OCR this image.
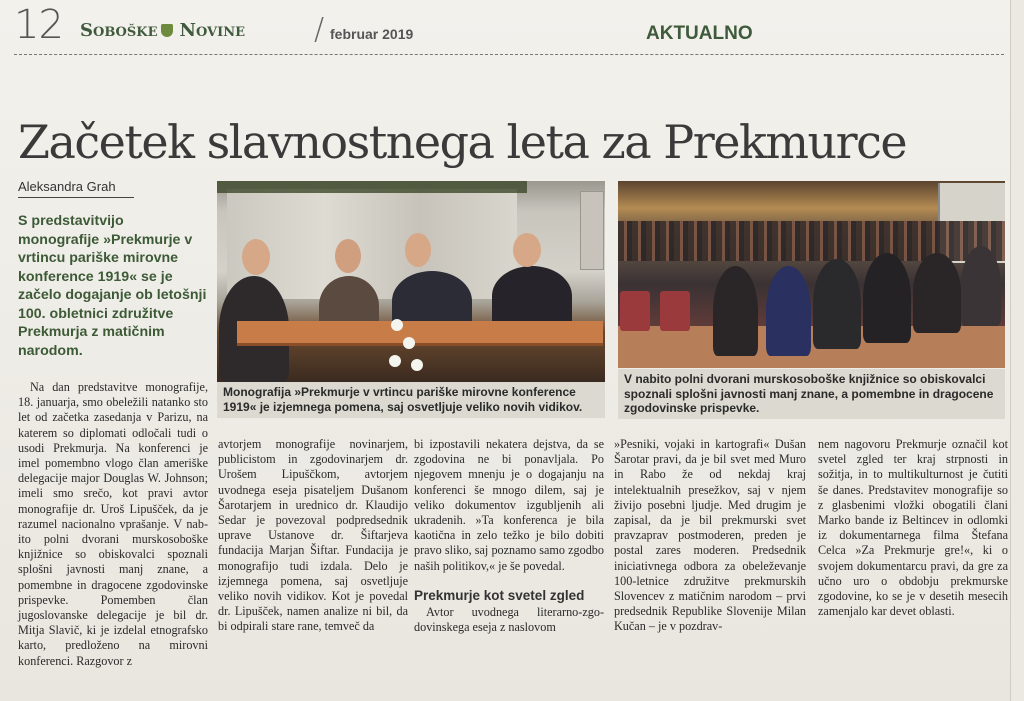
12 Soboške Novine / februar 2019	AKTUALNO
Začetek slavnostnega leta za Prekmurce
Aleksandra Grah
S predstavitvijo monografije »Prekmurje v vrtincu pariške mirovne konference 1919« se je začelo dogajanje ob letošnji 100. obletnici združitve Prekmurja z matičnim narodom.

Na dan predstavitve monografije, 18. januarja, smo obeležili natanko sto let od začetka zasedanja v Parizu, na katerem so diplomati odločali tudi o usodi Prekmurja. Na konferenci je imel pomembno vlogo član ameriške delegacije major Douglas W. Johnson; imeli smo srečo, kot pravi avtor monografije dr. Uroš Lipušček, da je razumel nacionalno vprašanje. V nabito polni dvorani murskosoboške knjižnice so obiskovalci spoznali splošni javnosti manj znane, a pomembne in dragocene zgodovinske prispevke. Pomemben član jugoslovanske delegacije je bil dr. Mitja Slavič, ki je izdelal etnografsko karto, predloženo na mirovni konferenci. Razgovor z

Monografija »Prekmurje v vrtincu pariške mirovne konference 1919« je izjemnega pomena, saj osvetljuje veliko novih vidikov.
V nabito polni dvorani murskosoboške knjižnice so obiskovalci spoznali splošni javnosti manj znane, a pomembne in dragocene zgodovinske prispevke.

avtorjem monografije novinarjem, publicistom in zgodovinarjem dr. Urošem Lipuščkom, avtorjem uvodnega eseja pisateljem Dušanom Šarotarjem in urednico dr. Klaudijo Sedar je povezoval podpredsednik uprave Ustanove dr. Šiftarjeva fundacija Marjan Šiftar. Fundacija je monografijo tudi izdala. Delo je izjemnega pomena, saj osvetljuje veliko novih vidikov. Kot je povedal dr. Lipušček, namen analize ni bil, da bi odpirali stare rane, temveč da

bi izpostavili nekatera dejstva, da se zgodovina ne bi ponavljala. Po njegovem mnenju je o dogajanju na konferenci še mnogo dilem, saj je veliko dokumentov izgubljenih ali ukradenih. »Ta konferenca je bila kaotična in zelo težko je bilo dobiti pravo sliko, saj poznamo samo zgodbo naših politikov,« je še povedal.

Prekmurje kot svetel zgled

Avtor uvodnega literarno-zgodovinskega eseja z naslovom

»Pesniki, vojaki in kartografi« Dušan Šarotar pravi, da je bil svet med Muro in Rabo že od nekdaj kraj intelektualnih presežkov, saj v njem živijo posebni ljudje. Med drugim je zapisal, da je bil prekmurski svet pravzaprav postmoderen, preden je postal zares moderen. Predsednik iniciativnega odbora za obeleževanje 100-letnice združitve prekmurskih Slovencev z matičnim narodom – prvi predsednik Republike Slovenije Milan Kučan – je v pozdrav-

nem nagovoru Prekmurje označil kot svetel zgled ter kraj strpnosti in sožitja, in to multikulturnost je čutiti še danes. Predstavitev monografije so z glasbenimi vložki obogatili člani Marko bande iz Beltincev in odlomki iz dokumentarnega filma Štefana Celca »Za Prekmurje gre!«, ki o svojem dokumentarcu pravi, da gre za učno uro o obdobju prekmurske zgodovine, ko se je v desetih mesecih zamenjalo kar devet oblasti.
